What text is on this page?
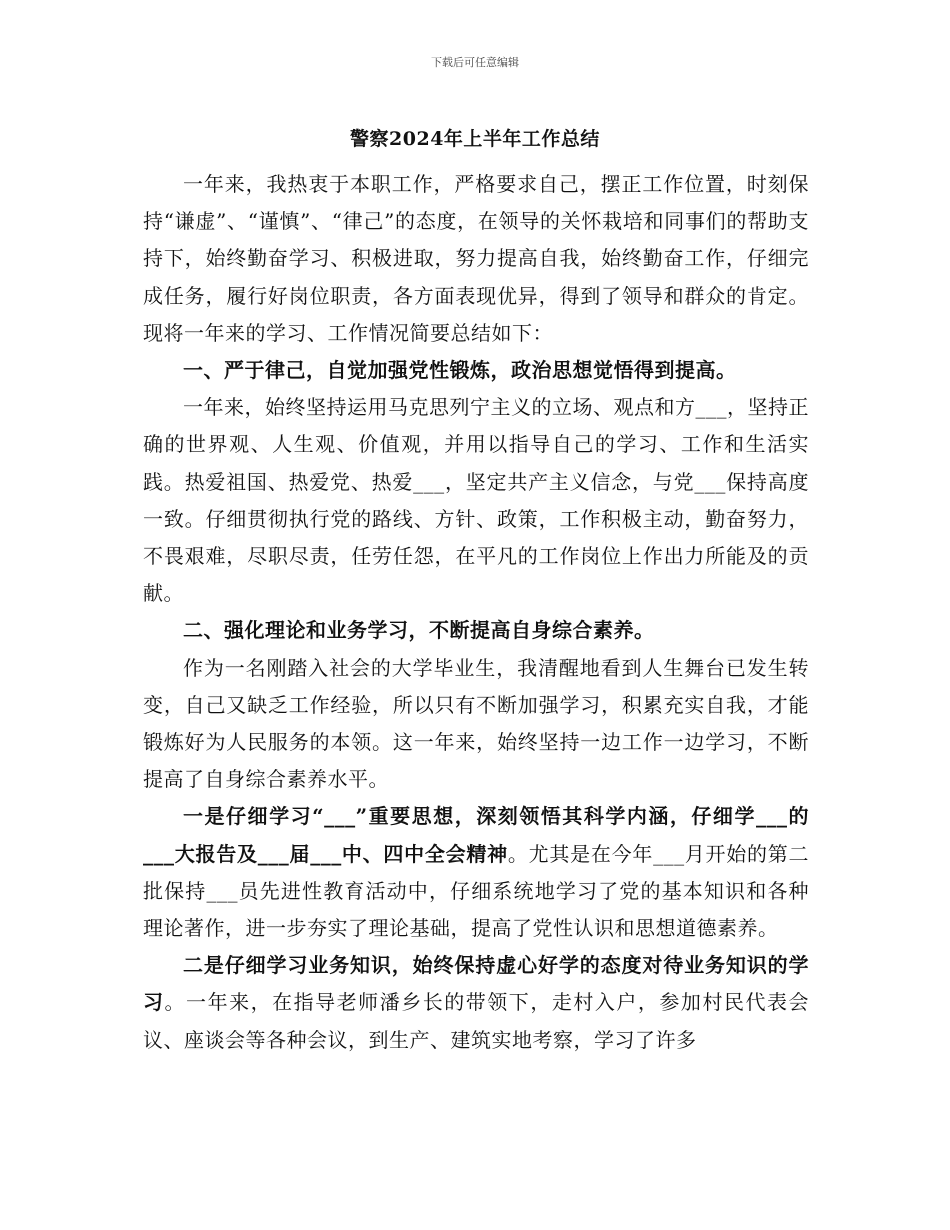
下载后可任意编辑
警察2024年上半年工作总结

一年来，我热衷于本职工作，严格要求自己，摆正工作位置，时刻保持“谦虚”、“谨慎”、“律己”的态度，在领导的关怀栽培和同事们的帮助支持下，始终勤奋学习、积极进取，努力提高自我，始终勤奋工作，仔细完成任务，履行好岗位职责，各方面表现优异，得到了领导和群众的肯定。现将一年来的学习、工作情况简要总结如下：

一、严于律己，自觉加强党性锻炼，政治思想觉悟得到提高。

一年来，始终坚持运用马克思列宁主义的立场、观点和方___，坚持正确的世界观、人生观、价值观，并用以指导自己的学习、工作和生活实践。热爱祖国、热爱党、热爱___，坚定共产主义信念，与党___保持高度一致。仔细贯彻执行党的路线、方针、政策，工作积极主动，勤奋努力，不畏艰难，尽职尽责，任劳任怨，在平凡的工作岗位上作出力所能及的贡献。

二、强化理论和业务学习，不断提高自身综合素养。

作为一名刚踏入社会的大学毕业生，我清醒地看到人生舞台已发生转变，自己又缺乏工作经验，所以只有不断加强学习，积累充实自我，才能锻炼好为人民服务的本领。这一年来，始终坚持一边工作一边学习，不断提高了自身综合素养水平。

一是仔细学习“___”重要思想，深刻领悟其科学内涵，仔细学___的___大报告及___届___中、四中全会精神。尤其是在今年___月开始的第二批保持___员先进性教育活动中，仔细系统地学习了党的基本知识和各种理论著作，进一步夯实了理论基础，提高了党性认识和思想道德素养。

二是仔细学习业务知识，始终保持虚心好学的态度对待业务知识的学习。一年来，在指导老师潘乡长的带领下，走村入户，参加村民代表会议、座谈会等各种会议，到生产、建筑实地考察，学习了许多
